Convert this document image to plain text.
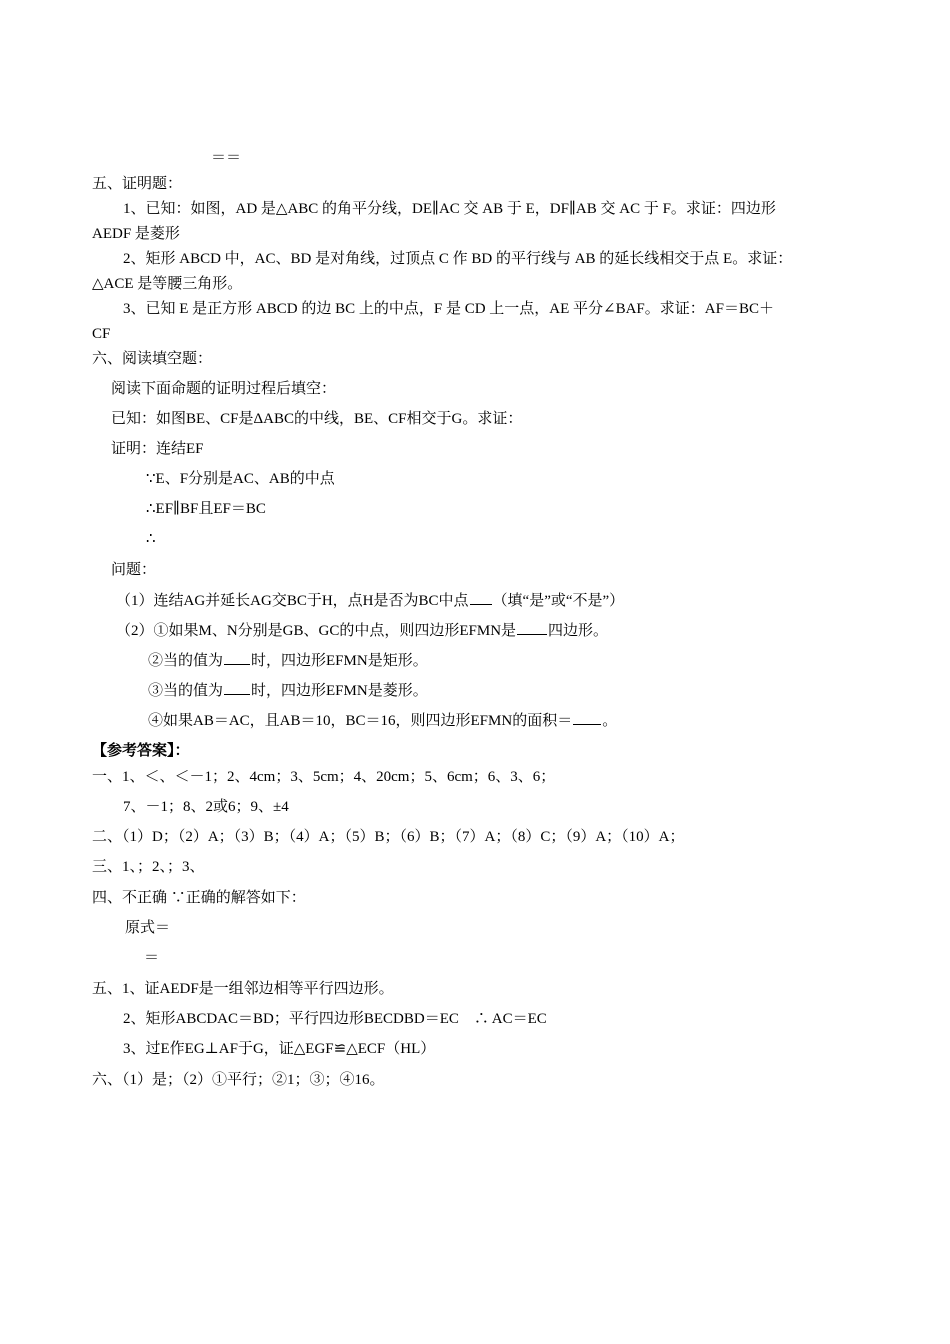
＝＝
五、证明题：
1、已知：如图，AD 是△ABC 的角平分线，DE∥AC 交 AB 于 E，DF∥AB 交 AC 于 F。求证：四边形
AEDF 是菱形
2、矩形 ABCD 中，AC、BD 是对角线，过顶点 C 作 BD 的平行线与 AB 的延长线相交于点 E。求证：
△ACE 是等腰三角形。
3、已知 E 是正方形 ABCD 的边 BC 上的中点，F 是 CD 上一点，AE 平分∠BAF。求证：AF＝BC＋
CF
六、阅读填空题：
阅读下面命题的证明过程后填空：
已知：如图BE、CF是ΔABC的中线，BE、CF相交于G。求证：
证明：连结EF
∵E、F分别是AC、AB的中点
∴EF∥BF且EF＝BC
∴
问题：
（1）连结AG并延长AG交BC于H，点H是否为BC中点 （填“是”或“不是”）
（2）①如果M、N分别是GB、GC的中点，则四边形EFMN是 四边形。
②当的值为 时，四边形EFMN是矩形。
③当的值为 时，四边形EFMN是菱形。
④如果AB＝AC，且AB＝10，BC＝16，则四边形EFMN的面积＝ 。
【参考答案】：
一、1、＜、＜－1；2、4cm；3、5cm；4、20cm；5、6cm；6、3、6；
7、－1；8、2或6；9、±4
二、（1）D；（2）A；（3）B；（4）A；（5）B；（6）B；（7）A；（8）C；（9）A；（10）A；
三、1、；2、；3、
四、不正确 ∵正确的解答如下：
原式＝
＝
五、1、证AEDF是一组邻边相等平行四边形。
2、矩形ABCDAC＝BD；平行四边形BECDBD＝EC　∴ AC＝EC
3、过E作EG⊥AF于G，证△EGF≌△ECF（HL）
六、（1）是；（2）①平行；②1；③；④16。
